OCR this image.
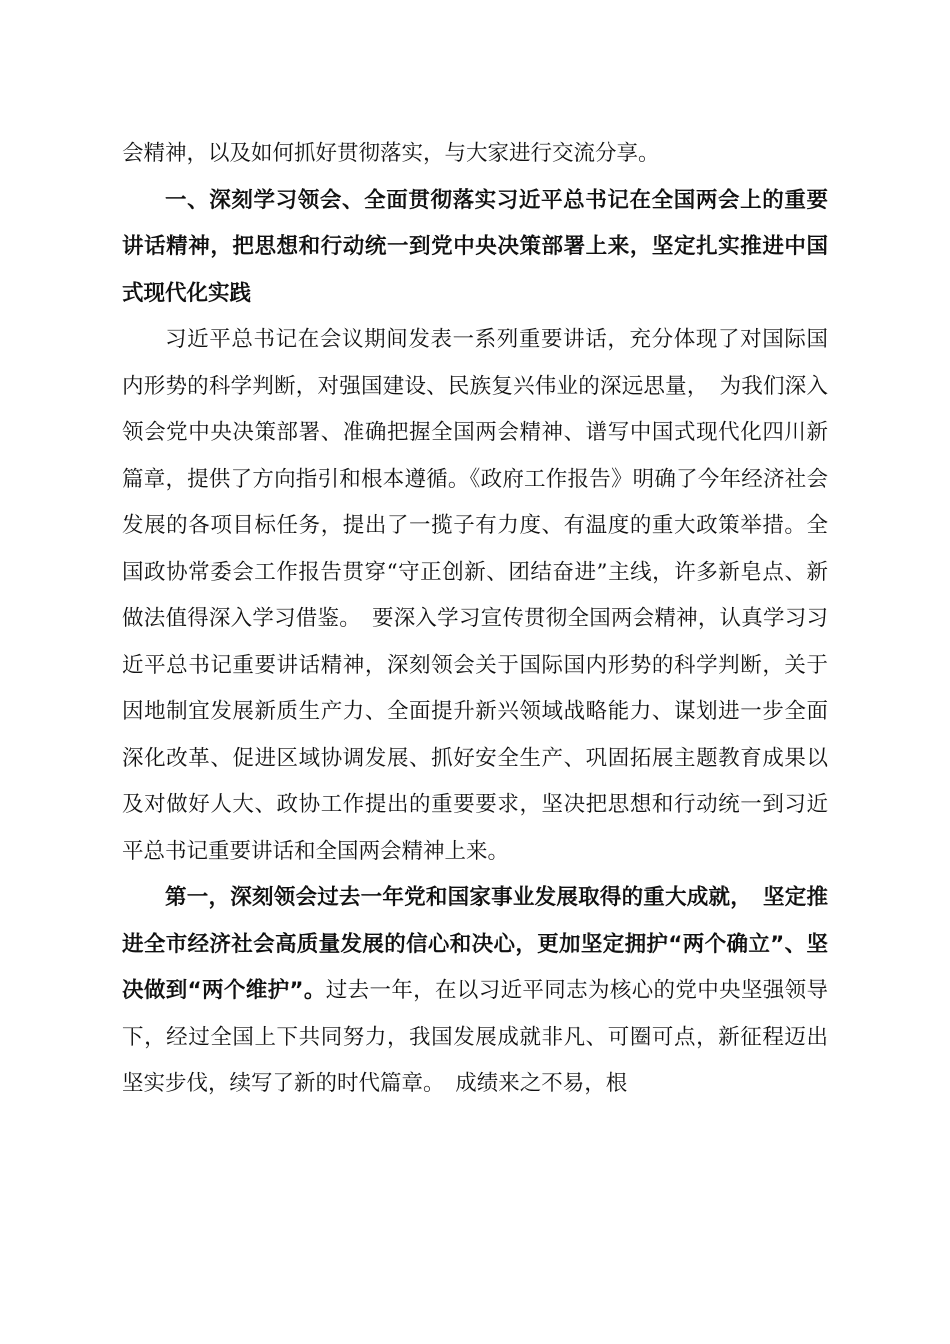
会精神，以及如何抓好贯彻落实，与大家进行交流分享。

一、深刻学习领会、全面贯彻落实习近平总书记在全国两会上的重要讲话精神，把思想和行动统一到党中央决策部署上来，坚定扎实推进中国式现代化实践

习近平总书记在会议期间发表一系列重要讲话，充分体现了对国际国内形势的科学判断，对强国建设、民族复兴伟业的深远思量，　为我们深入领会党中央决策部署、准确把握全国两会精神、谱写中国式现代化四川新篇章，提供了方向指引和根本遵循。《政府工作报告》明确了今年经济社会发展的各项目标任务，提出了一揽子有力度、有温度的重大政策举措。全国政协常委会工作报告贯穿“守正创新、团结奋进”主线，许多新皂点、新做法值得深入学习借鉴。　要深入学习宣传贯彻全国两会精神，认真学习习近平总书记重要讲话精神，深刻领会关于国际国内形势的科学判断，关于因地制宜发展新质生产力、全面提升新兴领域战略能力、谋划进一步全面深化改革、促进区域协调发展、抓好安全生产、巩固拓展主题教育成果以及对做好人大、政协工作提出的重要要求，坚决把思想和行动统一到习近平总书记重要讲话和全国两会精神上来。

第一，深刻领会过去一年党和国家事业发展取得的重大成就，　坚定推进全市经济社会高质量发展的信心和决心，更加坚定拥护“两个确立”、坚决做到“两个维护”。过去一年，在以习近平同志为核心的党中央坚强领导下，经过全国上下共同努力，我国发展成就非凡、可圈可点，新征程迈出坚实步伐，续写了新的时代篇章。　成绩来之不易，根
